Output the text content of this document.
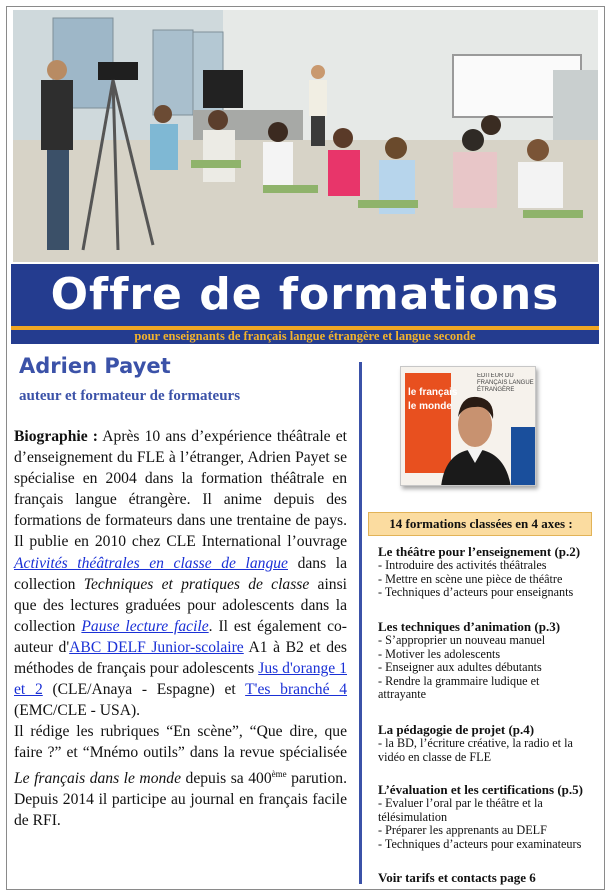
Offre de formations
pour enseignants de français langue étrangère et langue seconde
Adrien Payet
auteur et formateur de formateurs
Biographie : Après 10 ans d’expérience théâtrale et d’enseignement du FLE à l’étranger, Adrien Payet se spécialise en 2004 dans la formation théâtrale en français langue étrangère. Il anime depuis des formations de formateurs dans une trentaine de pays. Il publie en 2010 chez CLE International l’ouvrage Activités théâtrales en classe de langue dans la collection Techniques et pratiques de classe ainsi que des lectures graduées pour adolescents dans la collection Pause lecture facile. Il est également co-auteur d'ABC DELF Junior-scolaire A1 à B2 et des méthodes de français pour adolescents Jus d'orange 1 et 2 (CLE/Anaya - Espagne) et T'es branché 4 (EMC/CLE - USA).
Il rédige les rubriques “En scène”, “Que dire, que faire ?” et “Mnémo outils” dans la revue spécialisée Le français dans le monde depuis sa 400ème parution. Depuis 2014 il participe au journal en français facile de RFI.
le français
le monde
ÉDITEUR DU FRANÇAIS LANGUE ÉTRANGÈRE
14 formations classées en 4 axes :
Le théâtre pour l’enseignement (p.2)
- Introduire des activités théâtrales
- Mettre en scène une pièce de théâtre
- Techniques d’acteurs pour enseignants
Les techniques d’animation (p.3)
- S’approprier un nouveau manuel
- Motiver les adolescents
- Enseigner aux adultes débutants
- Rendre la grammaire ludique et attrayante
La pédagogie de projet (p.4)
- la BD, l’écriture créative, la radio et la vidéo en classe de FLE
L’évaluation et les certifications (p.5)
- Evaluer l’oral par le théâtre et la télésimulation
- Préparer les apprenants au DELF
- Techniques d’acteurs pour examinateurs
Voir tarifs et contacts page 6
